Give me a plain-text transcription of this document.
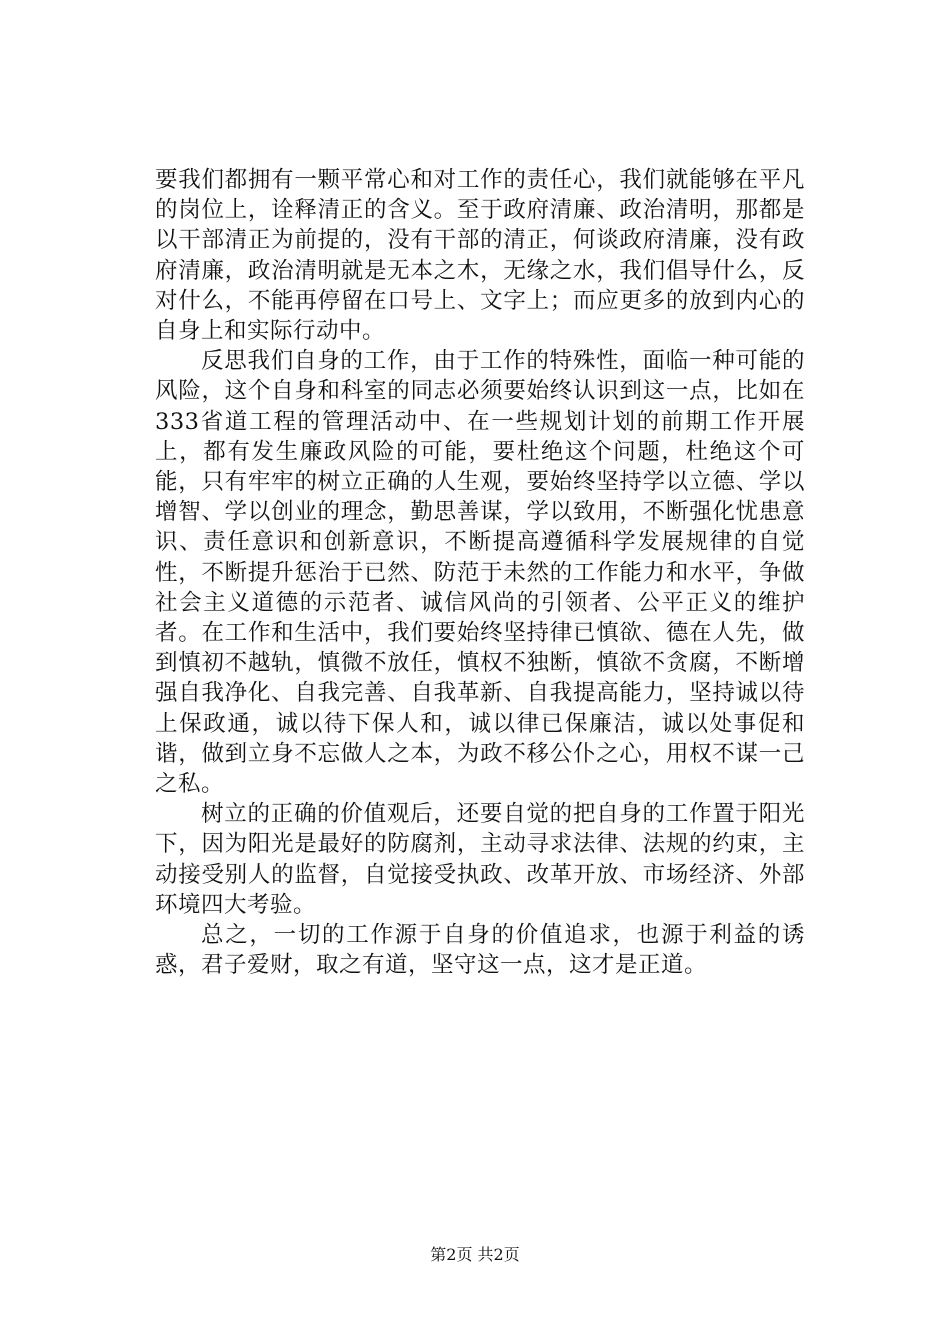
要我们都拥有一颗平常心和对工作的责任心，我们就能够在平凡的岗位上，诠释清正的含义。至于政府清廉、政治清明，那都是以干部清正为前提的，没有干部的清正，何谈政府清廉，没有政府清廉，政治清明就是无本之木，无缘之水，我们倡导什么，反对什么，不能再停留在口号上、文字上；而应更多的放到内心的自身上和实际行动中。

反思我们自身的工作，由于工作的特殊性，面临一种可能的风险，这个自身和科室的同志必须要始终认识到这一点，比如在333省道工程的管理活动中、在一些规划计划的前期工作开展上，都有发生廉政风险的可能，要杜绝这个问题，杜绝这个可能，只有牢牢的树立正确的人生观，要始终坚持学以立德、学以增智、学以创业的理念，勤思善谋，学以致用，不断强化忧患意识、责任意识和创新意识，不断提高遵循科学发展规律的自觉性，不断提升惩治于已然、防范于未然的工作能力和水平，争做社会主义道德的示范者、诚信风尚的引领者、公平正义的维护者。在工作和生活中，我们要始终坚持律已慎欲、德在人先，做到慎初不越轨，慎微不放任，慎权不独断，慎欲不贪腐，不断增强自我净化、自我完善、自我革新、自我提高能力，坚持诚以待上保政通，诚以待下保人和，诚以律已保廉洁，诚以处事促和谐，做到立身不忘做人之本，为政不移公仆之心，用权不谋一己之私。

树立的正确的价值观后，还要自觉的把自身的工作置于阳光下，因为阳光是最好的防腐剂，主动寻求法律、法规的约束，主动接受别人的监督，自觉接受执政、改革开放、市场经济、外部环境四大考验。

总之，一切的工作源于自身的价值追求，也源于利益的诱惑，君子爱财，取之有道，坚守这一点，这才是正道。

第2页 共2页
